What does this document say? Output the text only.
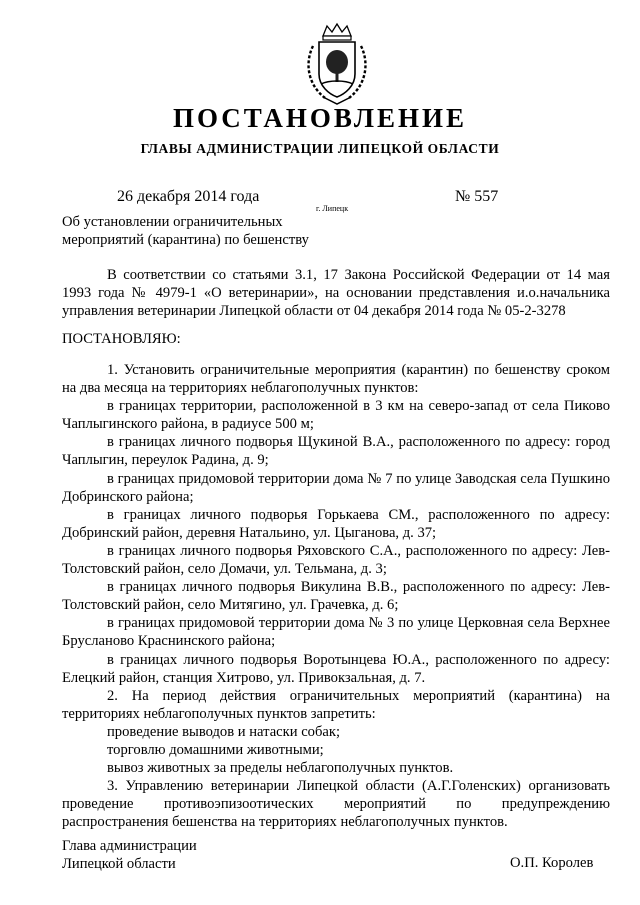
ПОСТАНОВЛЕНИЕ
ГЛАВЫ АДМИНИСТРАЦИИ ЛИПЕЦКОЙ ОБЛАСТИ
26 декабря 2014 года
г. Липецк
№ 557
Об установлении ограничительных
мероприятий (карантина) по бешенству

В соответствии со статьями 3.1, 17 Закона Российской Федерации от 14 мая 1993 года № 4979-1 «О ветеринарии», на основании представления и.о.начальника управления ветеринарии Липецкой области от 04 декабря 2014 года № 05-2-3278

ПОСТАНОВЛЯЮ:

1. Установить ограничительные мероприятия (карантин) по бешенству сроком на два месяца на территориях неблагополучных пунктов:

в границах территории, расположенной в 3 км на северо-запад от села Пиково Чаплыгинского района, в радиусе 500 м;

в границах личного подворья Щукиной В.А., расположенного по адресу: город Чаплыгин, переулок Радина, д. 9;

в границах придомовой территории дома № 7 по улице Заводская села Пушкино Добринского района;

в границах личного подворья Горькаева СМ., расположенного по адресу: Добринский район, деревня Натальино, ул. Цыганова, д. 37;

в границах личного подворья Ряховского С.А., расположенного по адресу: Лев-Толстовский район, село Домачи, ул. Тельмана, д. 3;

в границах личного подворья Викулина В.В., расположенного по адресу: Лев-Толстовский район, село Митягино, ул. Грачевка, д. 6;

в границах придомовой территории дома № 3 по улице Церковная села Верхнее Брусланово Краснинского района;

в границах личного подворья Воротынцева Ю.А., расположенного по адресу: Елецкий район, станция Хитрово, ул. Привокзальная, д. 7.

2. На период действия ограничительных мероприятий (карантина) на территориях неблагополучных пунктов запретить:

проведение выводов и натаски собак;

торговлю домашними животными;

вывоз животных за пределы неблагополучных пунктов.

3. Управлению ветеринарии Липецкой области (А.Г.Голенских) организовать проведение противоэпизоотических мероприятий по предупреждению распространения бешенства на территориях неблагополучных пунктов.

Глава администрации
Липецкой области	О.П. Королев
